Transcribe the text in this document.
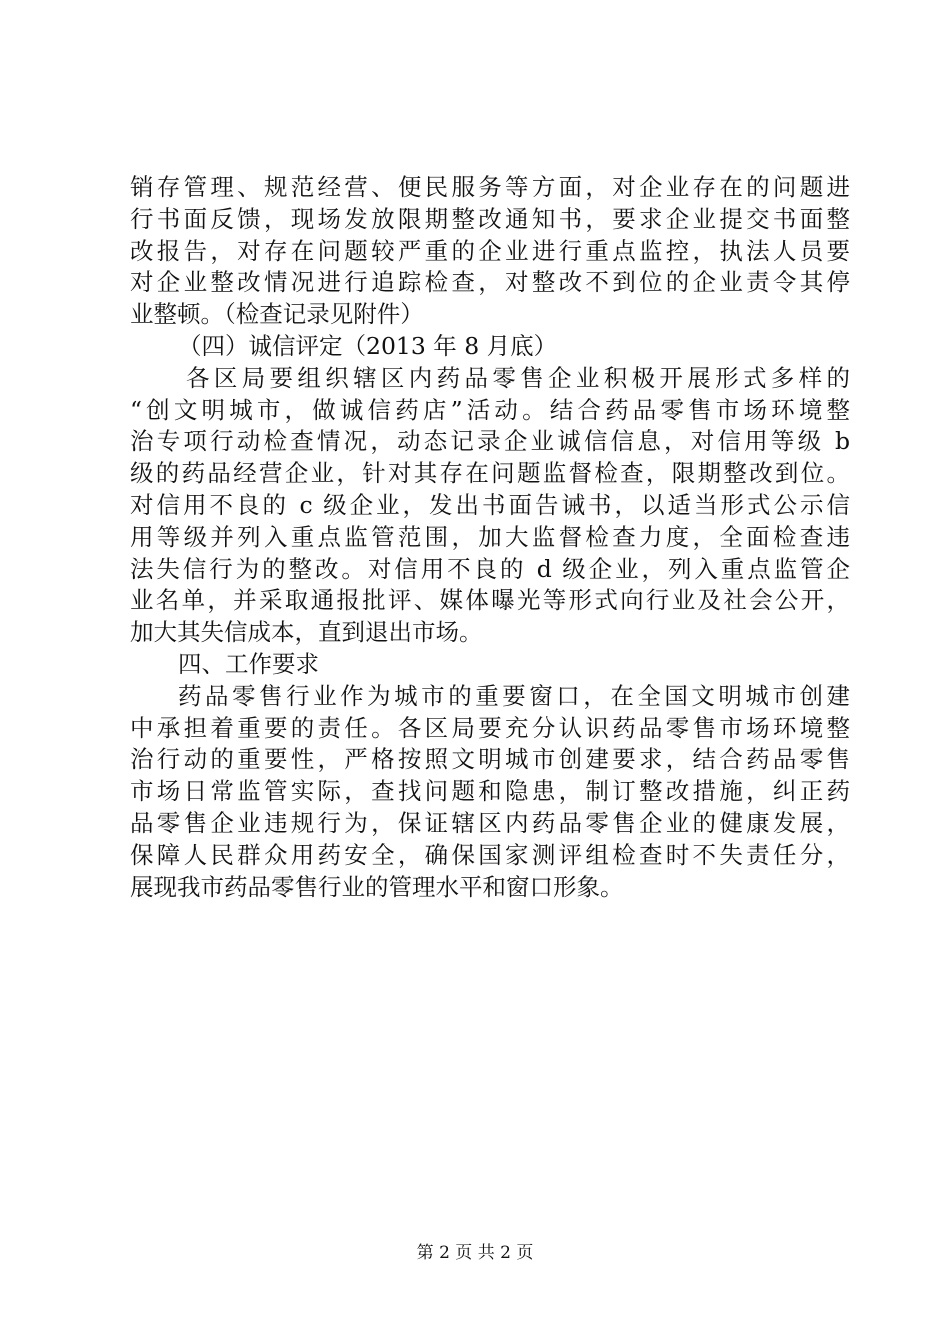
销存管理、规范经营、便民服务等方面，对企业存在的问题进
行书面反馈，现场发放限期整改通知书，要求企业提交书面整
改报告，对存在问题较严重的企业进行重点监控，执法人员要
对企业整改情况进行追踪检查，对整改不到位的企业责令其停
业整顿。（检查记录见附件）
（四）诚信评定（2013 年 8 月底）
各区局要组织辖区内药品零售企业积极开展形式多样的
“创文明城市，做诚信药店”活动。结合药品零售市场环境整
治专项行动检查情况，动态记录企业诚信信息，对信用等级 b
级的药品经营企业，针对其存在问题监督检查，限期整改到位。
对信用不良的 c 级企业，发出书面告诫书，以适当形式公示信
用等级并列入重点监管范围，加大监督检查力度，全面检查违
法失信行为的整改。对信用不良的 d 级企业，列入重点监管企
业名单，并采取通报批评、媒体曝光等形式向行业及社会公开，
加大其失信成本，直到退出市场。
四、工作要求
药品零售行业作为城市的重要窗口，在全国文明城市创建
中承担着重要的责任。各区局要充分认识药品零售市场环境整
治行动的重要性，严格按照文明城市创建要求，结合药品零售
市场日常监管实际，查找问题和隐患，制订整改措施，纠正药
品零售企业违规行为，保证辖区内药品零售企业的健康发展，
保障人民群众用药安全，确保国家测评组检查时不失责任分，
展现我市药品零售行业的管理水平和窗口形象。
第 2 页 共 2 页
